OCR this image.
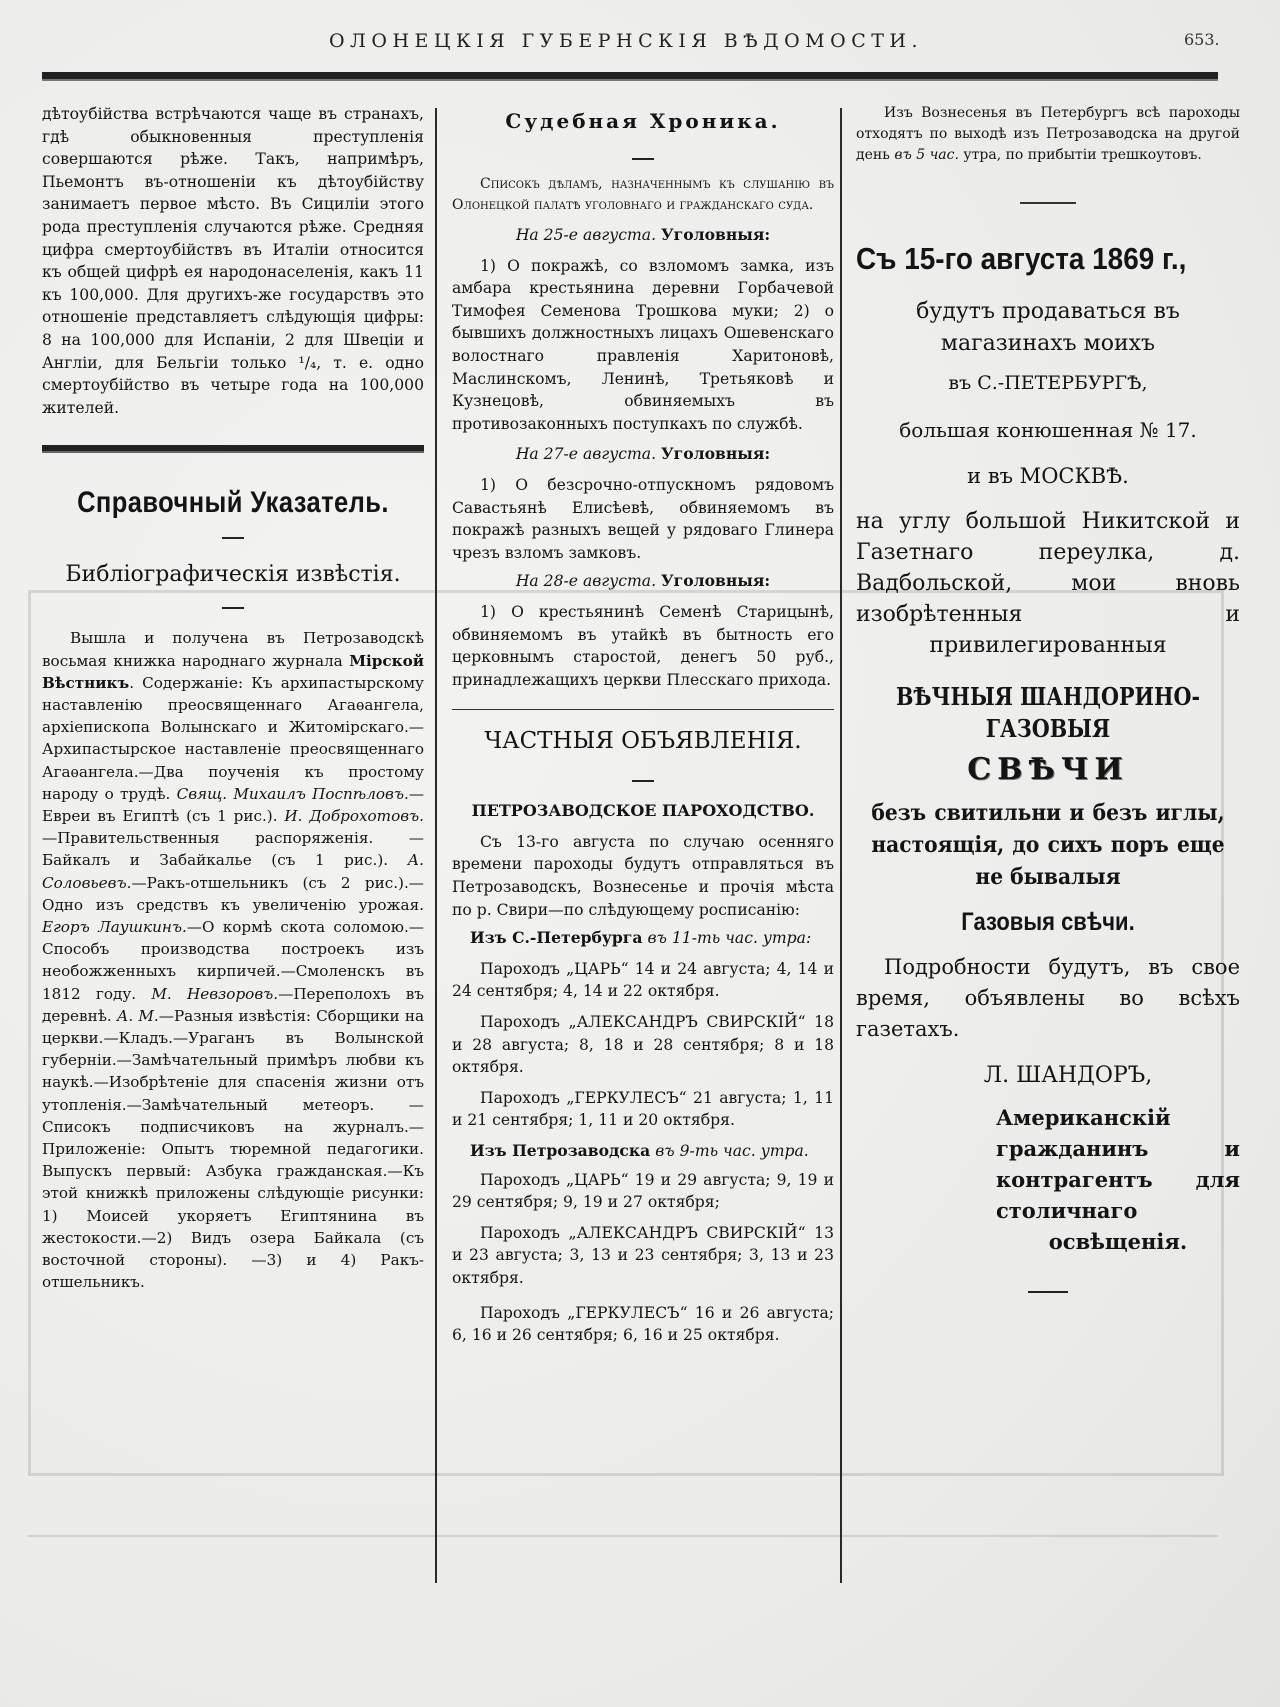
ОЛОНЕЦКІЯ ГУБЕРНСКІЯ ВѢДОМОСТИ.	653.

дѣтоубійства встрѣчаются чаще въ странахъ, гдѣ обыкновенныя преступленія совершаются рѣже. Такъ, напримѣръ, Пьемонтъ въ-отношеніи къ дѣтоубійству занимаетъ первое мѣсто. Въ Сициліи этого рода преступленія случаются рѣже. Средняя цифра смертоубійствъ въ Италіи относится къ общей цифрѣ ея народонаселенія, какъ 11 къ 100,000. Для другихъ-же государствъ это отношеніе представляетъ слѣдующія цифры: 8 на 100,000 для Испаніи, 2 для Швеціи и Англіи, для Бельгіи только ¹/₄, т. е. одно смертоубійство въ четыре года на 100,000 жителей.

Справочный Указатель.
Библіографическія извѣстія.

Вышла и получена въ Петрозаводскѣ восьмая книжка народнаго журнала Мірской Вѣстникъ. Содержаніе: Къ архипастырскому наставленію преосвященнаго Агаѳангела, архіепископа Волынскаго и Житомірскаго.—Архипастырское наставленіе преосвященнаго Агаѳангела.—Два поученія къ простому народу о трудѣ. Свящ. Михаилъ Поспѣловъ.—Евреи въ Египтѣ (съ 1 рис.). И. Доброхотовъ.—Правительственныя распоряженія. —Байкалъ и Забайкалье (съ 1 рис.). А. Соловьевъ.—Ракъ-отшельникъ (съ 2 рис.).—Одно изъ средствъ къ увеличенію урожая. Егоръ Лаушкинъ.—О кормѣ скота соломою.— Способъ производства построекъ изъ необожженныхъ кирпичей.—Смоленскъ въ 1812 году. М. Невзоровъ.—Переполохъ въ деревнѣ. А. М.—Разныя извѣстія: Сборщики на церкви.—Кладъ.—Ураганъ въ Волынской губерніи.—Замѣчательный примѣръ любви къ наукѣ.—Изобрѣтеніе для спасенія жизни отъ утопленія.—Замѣчательный метеоръ. — Списокъ подписчиковъ на журналъ.—Приложеніе: Опытъ тюремной педагогики. Выпускъ первый: Азбука гражданская.—Къ этой книжкѣ приложены слѣдующіе рисунки: 1) Моисей укоряетъ Египтянина въ жестокости.—2) Видъ озера Байкала (съ восточной стороны). —3) и 4) Ракъ-отшельникъ.

Судебная Хроника.

Списокъ дѣламъ, назначеннымъ къ слушанію въ Олонецкой палатѣ уголовнаго и гражданскаго суда.

На 25-е августа. Уголовныя:

1) О покражѣ, со взломомъ замка, изъ амбара крестьянина деревни Горбачевой Тимофея Семенова Трошкова муки; 2) о бывшихъ должностныхъ лицахъ Ошевенскаго волостнаго правленія Харитоновѣ, Маслинскомъ, Ленинѣ, Третьяковѣ и Кузнецовѣ, обвиняемыхъ въ противозаконныхъ поступкахъ по службѣ.

На 27-е августа. Уголовныя:

1) О безсрочно-отпускномъ рядовомъ Савастьянѣ Елисѣевѣ, обвиняемомъ въ покражѣ разныхъ вещей у рядоваго Глинера чрезъ взломъ замковъ.

На 28-е августа. Уголовныя:

1) О крестьянинѣ Семенѣ Старицынѣ, обвиняемомъ въ утайкѣ въ бытность его церковнымъ старостой, денегъ 50 руб., принадлежащихъ церкви Плесскаго прихода.

ЧАСТНЫЯ ОБЪЯВЛЕНІЯ.
ПЕТРОЗАВОДСКОЕ ПАРОХОДСТВО.

Съ 13-го августа по случаю осенняго времени пароходы будутъ отправляться въ Петрозаводскъ, Вознесенье и прочія мѣста по р. Свири—по слѣдующему росписанію:

Изъ С.-Петербурга въ 11-ть час. утра:

Пароходъ „ЦАРЬ“ 14 и 24 августа; 4, 14 и 24 сентября; 4, 14 и 22 октября.

Пароходъ „АЛЕКСАНДРЪ СВИРСКІЙ“ 18 и 28 августа; 8, 18 и 28 сентября; 8 и 18 октября.

Пароходъ „ГЕРКУЛЕСЪ“ 21 августа; 1, 11 и 21 сентября; 1, 11 и 20 октября.

Изъ Петрозаводска въ 9-ть час. утра.

Пароходъ „ЦАРЬ“ 19 и 29 августа; 9, 19 и 29 сентября; 9, 19 и 27 октября;

Пароходъ „АЛЕКСАНДРЪ СВИРСКІЙ“ 13 и 23 августа; 3, 13 и 23 сентября; 3, 13 и 23 октября.

Пароходъ „ГЕРКУЛЕСЪ“ 16 и 26 августа; 6, 16 и 26 сентября; 6, 16 и 25 октября.

Изъ Вознесенья въ Петербургъ всѣ пароходы отходятъ по выходѣ изъ Петрозаводска на другой день въ 5 час. утра, по прибытіи трешкоутовъ.

Съ 15-го августа 1869 г.,

будутъ продаваться въ магазинахъ моихъ

въ С.-ПЕТЕРБУРГѢ,
большая конюшенная № 17.
и въ МОСКВѢ.

на углу большой Никитской и Газетнаго переулка, д. Вадбольской, мои вновь изобрѣтенныя и привилегированныя

ВѢЧНЫЯ ШАНДОРИНО-ГАЗОВЫЯ
СВѢЧИ

безъ свитильни и безъ иглы, настоящія, до сихъ поръ еще не бывалыя

Газовыя свѣчи.

Подробности будутъ, въ свое время, объявлены во всѣхъ газетахъ.

Л. ШАНДОРЪ,

Американскій гражданинъ и контрагентъ для столичнаго освѣщенія.
